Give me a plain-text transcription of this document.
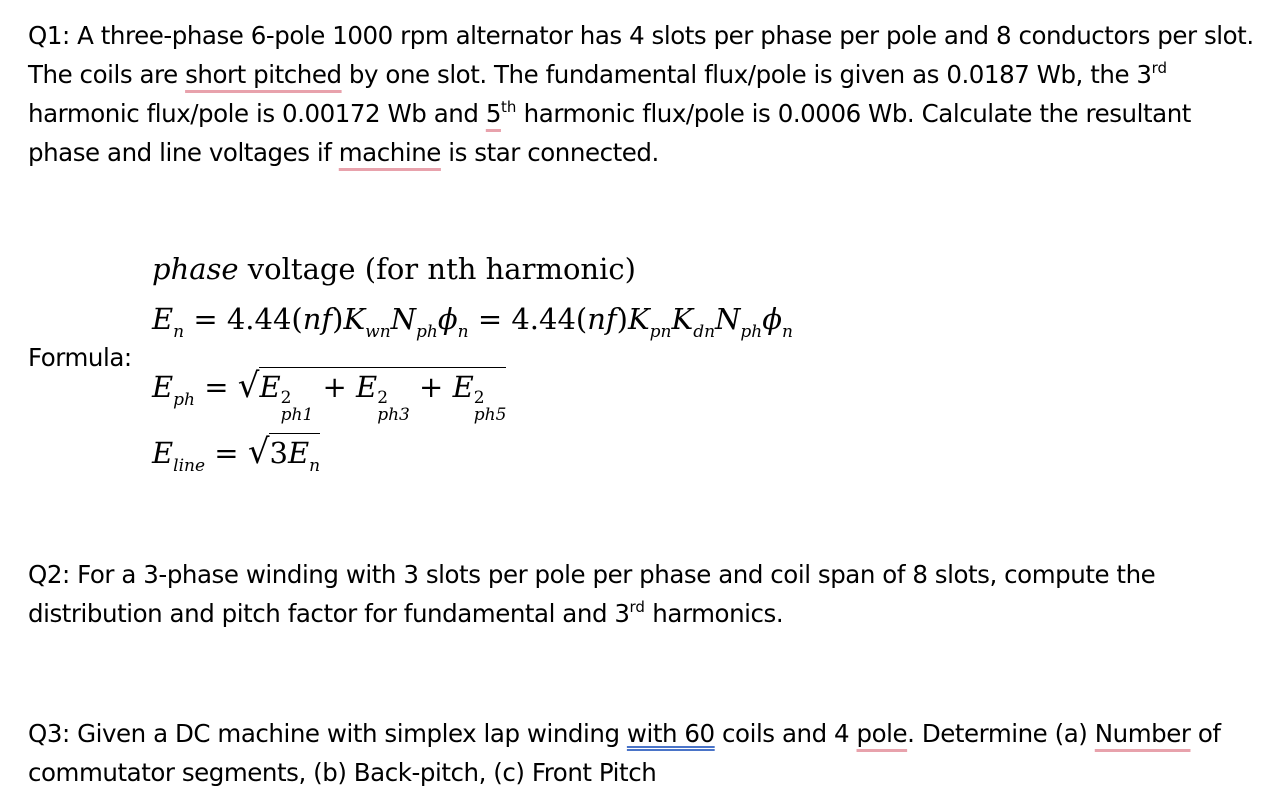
Q1: A three-phase 6-pole 1000 rpm alternator has 4 slots per phase per pole and 8 conductors per slot.
The coils are short pitched by one slot. The fundamental flux/pole is given as 0.0187 Wb, the 3rd
harmonic flux/pole is 0.00172 Wb and 5th harmonic flux/pole is 0.0006 Wb. Calculate the resultant
phase and line voltages if machine is star connected.
Formula:
phase voltage (for nth harmonic)
$E_n = 4.44(nf)K_{wn}N_{ph}\phi_n = 4.44(nf)K_{pn}K_{dn}N_{ph}\phi_n$
$E_{ph} = √E$ 2
ph1
+ E 2
ph3
+ E 2
ph5
$E_{line} = √3E_n$
Q2: For a 3-phase winding with 3 slots per pole per phase and coil span of 8 slots, compute the
distribution and pitch factor for fundamental and 3rd harmonics.
Q3: Given a DC machine with simplex lap winding with 60 coils and 4 pole. Determine (a) Number of
commutator segments, (b) Back-pitch, (c) Front Pitch
